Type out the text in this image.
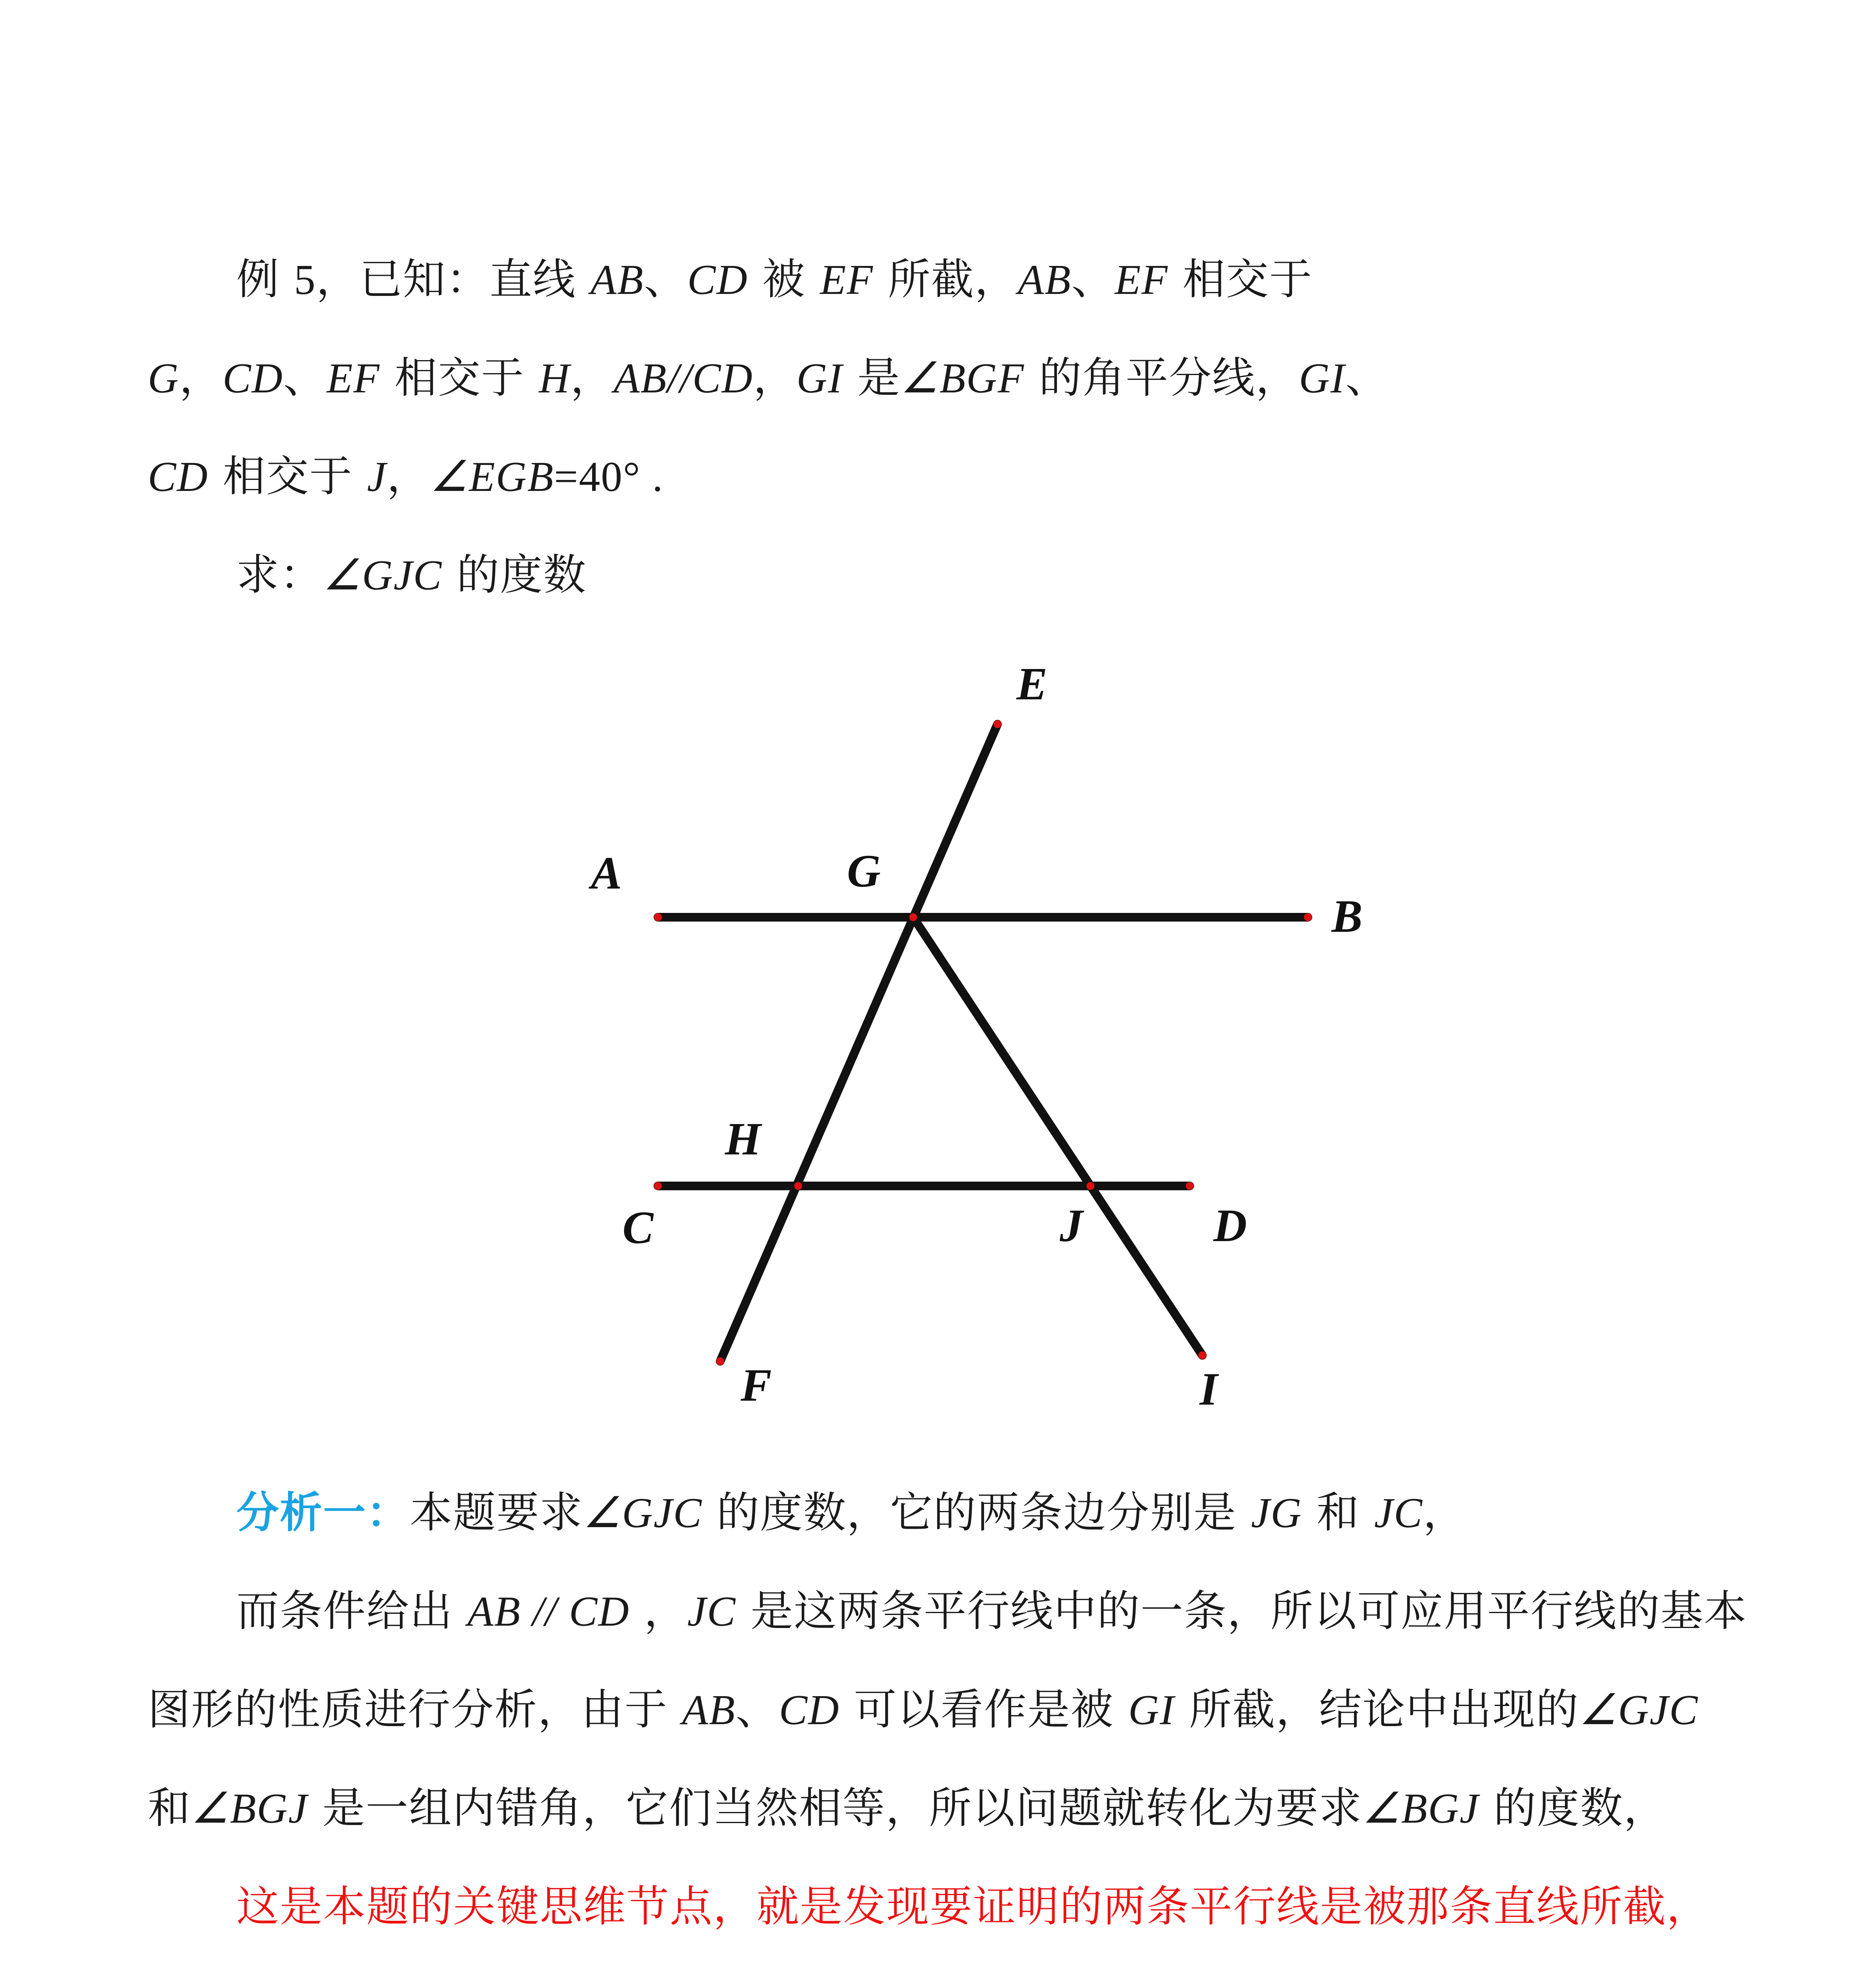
例 5，已知：直线 AB、CD 被 EF 所截，AB、EF 相交于
G，CD、EF 相交于 H，AB//CD，GI 是∠BGF 的角平分线，GI、
CD 相交于 J，∠EGB=40° .
求：∠GJC 的度数
分析一：本题要求∠GJC 的度数，它的两条边分别是 JG 和 JC，
而条件给出 AB // CD ，JC 是这两条平行线中的一条，所以可应用平行线的基本
图形的性质进行分析，由于 AB、CD 可以看作是被 GI 所截，结论中出现的∠GJC
和∠BGJ 是一组内错角，它们当然相等，所以问题就转化为要求∠BGJ 的度数，
这是本题的关键思维节点，就是发现要证明的两条平行线是被那条直线所截，
E
A	G
B
H
C	J	D
F	I
